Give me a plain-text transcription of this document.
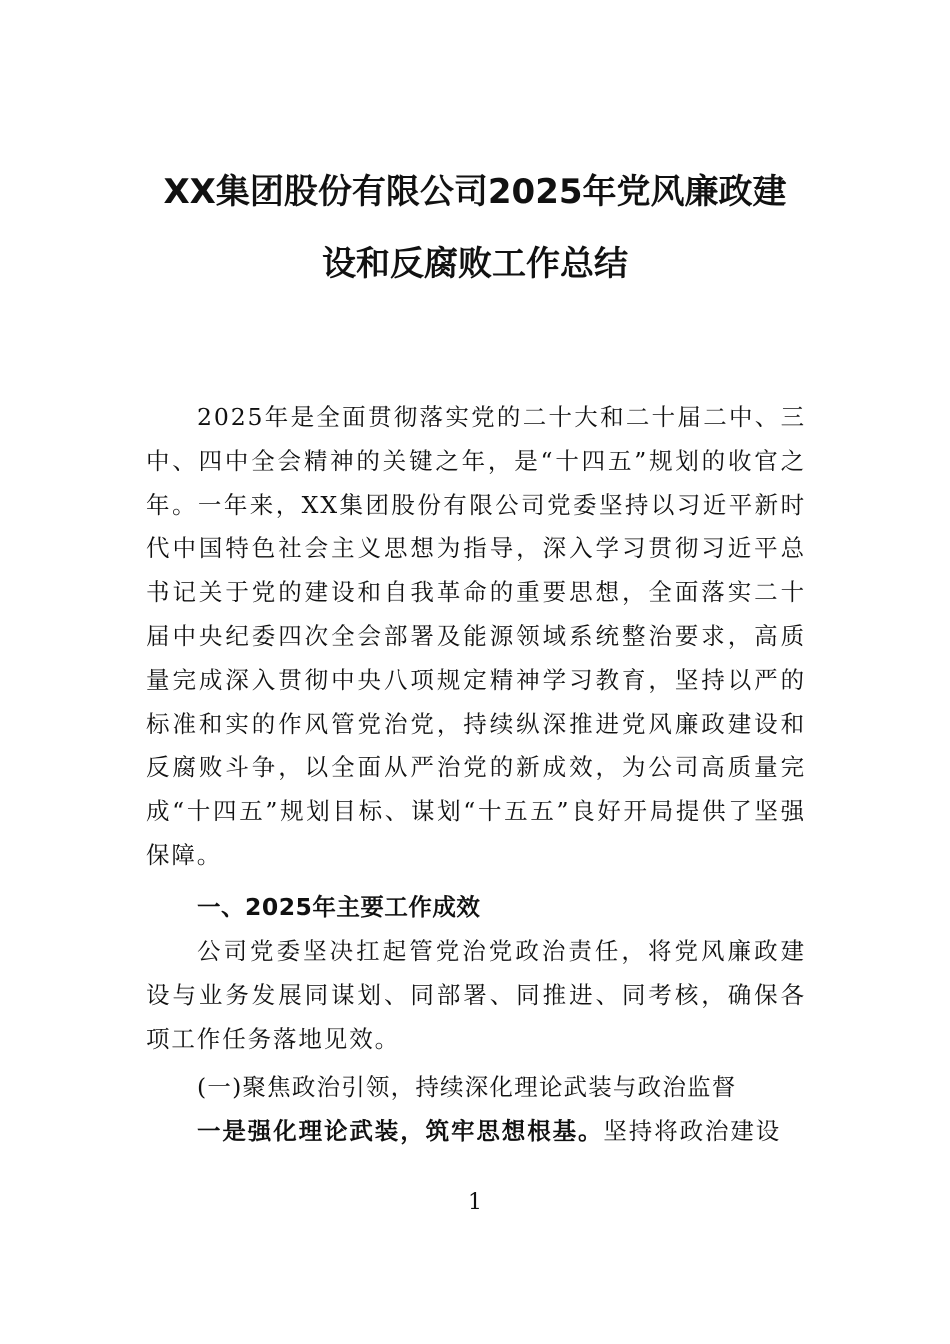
XX集团股份有限公司2025年党风廉政建
设和反腐败工作总结

2025年是全面贯彻落实党的二十大和二十届二中、三中、四中全会精神的关键之年，是“十四五”规划的收官之年。一年来，XX集团股份有限公司党委坚持以习近平新时代中国特色社会主义思想为指导，深入学习贯彻习近平总书记关于党的建设和自我革命的重要思想，全面落实二十届中央纪委四次全会部署及能源领域系统整治要求，高质量完成深入贯彻中央八项规定精神学习教育，坚持以严的标准和实的作风管党治党，持续纵深推进党风廉政建设和反腐败斗争，以全面从严治党的新成效，为公司高质量完成“十四五”规划目标、谋划“十五五”良好开局提供了坚强保障。

一、2025年主要工作成效

公司党委坚决扛起管党治党政治责任，将党风廉政建设与业务发展同谋划、同部署、同推进、同考核，确保各项工作任务落地见效。

(一)聚焦政治引领，持续深化理论武装与政治监督

一是强化理论武装，筑牢思想根基。坚持将政治建设

1
